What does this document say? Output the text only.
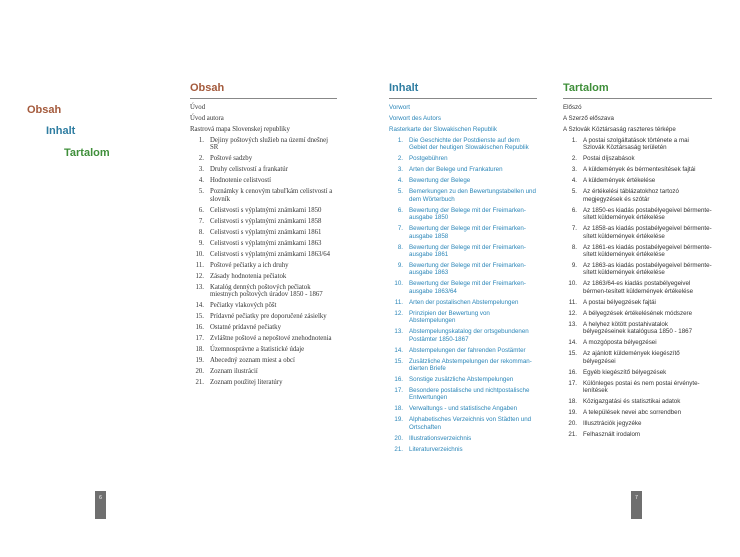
Obsah
Inhalt
Tartalom
Obsah
Úvod
Úvod autora
Rastrová mapa Slovenskej republiky
1. Dejiny poštových služieb na území dnešnej SR
2. Poštové sadzby
3. Druhy celistvostí a frankatúr
4. Hodnotenie celistvostí
5. Poznámky k cenovým tabuľkám celistvostí a slovník
6. Celistvosti s výplatnými známkami 1850
7. Celistvosti s výplatnými známkami 1858
8. Celistvosti s výplatnými známkami 1861
9. Celistvosti s výplatnými známkami 1863
10. Celistvosti s výplatnými známkami 1863/64
11. Poštové pečiatky a ich druhy
12. Zásady hodnotenia pečiatok
13. Katalóg denných poštových pečiatok miestnych poštových úradov 1850 - 1867
14. Pečiatky vlakových pôšt
15. Prídavné pečiatky pre doporučené zásielky
16. Ostatné prídavné pečiatky
17. Zvláštne poštové a nepoštové znehodnotenia
18. Územnosprávne a štatistické údaje
19. Abecedný zoznam miest a obcí
20. Zoznam ilustrácií
21. Zoznam použitej literatúry
Inhalt
Vorwort
Vorwort des Autors
Rasterkarte der Slowakischen Republik
1. Die Geschichte der Postdienste auf dem Gebiet der heutigen Slowakischen Republik
2. Postgebühren
3. Arten der Belege und Frankaturen
4. Bewertung der Belege
5. Bemerkungen zu den Bewertungstabellen und dem Wörterbuch
6. Bewertung der Belege mit der Freimarken-ausgabe 1850
7. Bewertung der Belege mit der Freimarken-ausgabe 1858
8. Bewertung der Belege mit der Freimarken-ausgabe 1861
9. Bewertung der Belege mit der Freimarken-ausgabe 1863
10. Bewertung der Belege mit der Freimarken-ausgabe 1863/64
11. Arten der postalischen Abstempelungen
12. Prinzipien der Bewertung von Abstempelungen
13. Abstempelungskatalog der ortsgebundenen Postämter 1850-1867
14. Abstempelungen der fahrenden Postämter
15. Zusätzliche Abstempelungen der rekomman-dierten Briefe
16. Sonstige zusätzliche Abstempelungen
17. Besondere postalische und nichtpostalische Entwertungen
18. Verwaltungs - und statistische Angaben
19. Alphabetisches Verzeichnis von Städten und Ortschaften
20. Illustrationsverzeichnis
21. Literaturverzeichnis
Tartalom
Előszó
A Szerző előszava
A Szlovák Köztársaság raszteres térképe
1. A postai szolgáltatások története a mai Szlovák Köztársaság területén
2. Postai díjszabások
3. A küldemények és bérmentesítések fajtái
4. A küldemények értékelése
5. Az értékelési táblázatokhoz tartozó megjegyzések és szótár
6. Az 1850-es kiadás postabélyegeivel bérmente-sített küldemények értékelése
7. Az 1858-as kiadás postabélyegeivel bérmente-sített küldemények értékelése
8. Az 1861-es kiadás postabélyegeivel bérmente-sített küldemények értékelése
9. Az 1863-as kiadás postabélyegeivel bérmente-sített küldemények értékelése
10. Az 1863/64-es kiadás postabélyegeivel bérmen-tesített küldemények értékelése
11. A postai bélyegzések fajtái
12. A bélyegzések értékelésének módszere
13. A helyhez kötött postahivatalok bélyegzéseinek katalógusa 1850 - 1867
14. A mozgóposta bélyegzései
15. Az ajánlott küldemények kiegészítő bélyegzései
16. Egyéb kiegészítő bélyegzések
17. Különleges postai és nem postai érvényte-lenítések
18. Közigazgatási és statisztikai adatok
19. A települések nevei abc sorrendben
20. Illusztrációk jegyzéke
21. Felhasznált irodalom
6	7
